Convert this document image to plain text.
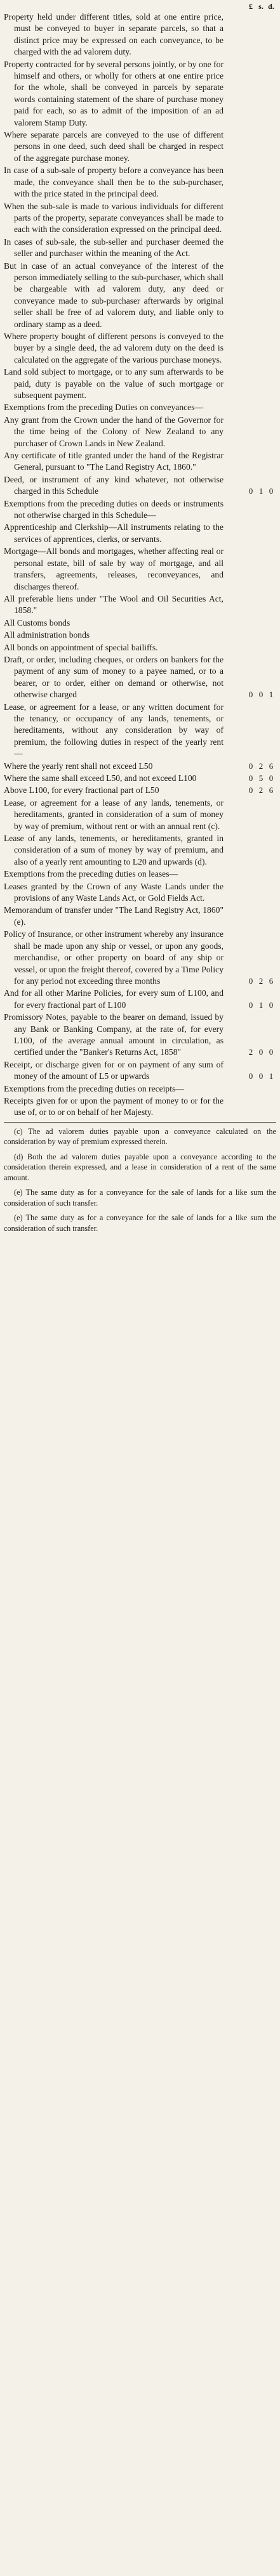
£ s. d.
Property held under different titles, sold at one entire price, must be conveyed to buyer in separate parcels, so that a distinct price may be expressed on each conveyance, to be charged with the ad valorem duty.
Property contracted for by several persons jointly, or by one for himself and others, or wholly for others at one entire price for the whole, shall be conveyed in parcels by separate words containing statement of the share of purchase money paid for each, so as to admit of the imposition of an ad valorem Stamp Duty.
Where separate parcels are conveyed to the use of different persons in one deed, such deed shall be charged in respect of the aggregate purchase money.
In case of a sub-sale of property before a conveyance has been made, the conveyance shall then be to the sub-purchaser, with the price stated in the principal deed.
When the sub-sale is made to various individuals for different parts of the property, separate conveyances shall be made to each with the consideration expressed on the principal deed.
In cases of sub-sale, the sub-seller and purchaser deemed the seller and purchaser within the meaning of the Act.
But in case of an actual conveyance of the interest of the person immediately selling to the sub-purchaser, which shall be chargeable with ad valorem duty, any deed or conveyance made to sub-purchaser afterwards by original seller shall be free of ad valorem duty, and liable only to ordinary stamp as a deed.
Where property bought of different persons is conveyed to the buyer by a single deed, the ad valorem duty on the deed is calculated on the aggregate of the various purchase moneys.
Land sold subject to mortgage, or to any sum afterwards to be paid, duty is payable on the value of such mortgage or subsequent payment.
Exemptions from the preceding Duties on conveyances—
Any grant from the Crown under the hand of the Governor for the time being of the Colony of New Zealand to any purchaser of Crown Lands in New Zealand.
Any certificate of title granted under the hand of the Registrar General, pursuant to "The Land Registry Act, 1860."
Deed, or instrument of any kind whatever, not otherwise charged in this Schedule	0 1 0
Exemptions from the preceding duties on deeds or instruments not otherwise charged in this Schedule—
Apprenticeship and Clerkship—All instruments relating to the services of apprentices, clerks, or servants.
Mortgage—All bonds and mortgages, whether affecting real or personal estate, bill of sale by way of mortgage, and all transfers, agreements, releases, reconveyances, and discharges thereof.
All preferable liens under "The Wool and Oil Securities Act, 1858."
All Customs bonds
All administration bonds
All bonds on appointment of special bailiffs.
Draft, or order, including cheques, or orders on bankers for the payment of any sum of money to a payee named, or to a bearer, or to order, either on demand or otherwise, not otherwise charged	0 0 1
Lease, or agreement for a lease, or any written document for the tenancy, or occupancy of any lands, tenements, or hereditaments, without any consideration by way of premium, the following duties in respect of the yearly rent—
Where the yearly rent shall not exceed L50	0 2 6
Where the same shall exceed L50, and not exceed L100	0 5 0
Above L100, for every fractional part of L50	0 2 6
Lease, or agreement for a lease of any lands, tenements, or hereditaments, granted in consideration of a sum of money by way of premium, without rent or with an annual rent (c).
Lease of any lands, tenements, or hereditaments, granted in consideration of a sum of money by way of premium, and also of a yearly rent amounting to L20 and upwards (d).
Exemptions from the preceding duties on leases—
Leases granted by the Crown of any Waste Lands under the provisions of any Waste Lands Act, or Gold Fields Act.
Memorandum of transfer under "The Land Registry Act, 1860" (e).
Policy of Insurance, or other instrument whereby any insurance shall be made upon any ship or vessel, or upon any goods, merchandise, or other property on board of any ship or vessel, or upon the freight thereof, covered by a Time Policy for any period not exceeding three months	0 2 6
And for all other Marine Policies, for every sum of L100, and for every fractional part of L100	0 1 0
Promissory Notes, payable to the bearer on demand, issued by any Bank or Banking Company, at the rate of, for every L100, of the average annual amount in circulation, as certified under the "Banker's Returns Act, 1858"	2 0 0
Receipt, or discharge given for or on payment of any sum of money of the amount of L5 or upwards	0 0 1
Exemptions from the preceding duties on receipts—
Receipts given for or upon the payment of money to or for the use of, or to or on behalf of her Majesty.

(c) The ad valorem duties payable upon a conveyance calculated on the consideration by way of premium expressed therein.

(d) Both the ad valorem duties payable upon a conveyance according to the consideration therein expressed, and a lease in consideration of a rent of the same amount.

(e) The same duty as for a conveyance for the sale of lands for a like sum the consideration of such transfer.

(e) The same duty as for a conveyance for the sale of lands for a like sum the consideration of such transfer.
